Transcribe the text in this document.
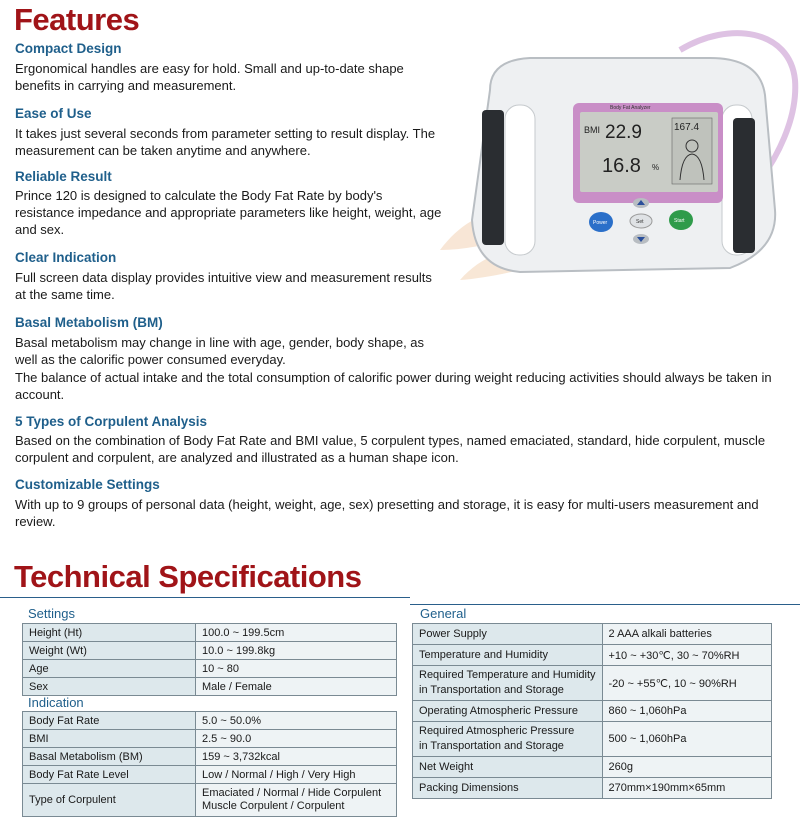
Features
Compact Design
Ergonomical handles are easy for hold. Small and up-to-date shape benefits in carrying and measurement.
Ease of Use
It takes just several seconds from parameter setting to result display. The measurement can be taken anytime and anywhere.
Reliable Result
Prince 120 is designed to calculate the Body Fat Rate by body's resistance impedance and appropriate parameters like height, weight, age and sex.
Clear Indication
Full screen data display provides intuitive view and measurement results at the same time.
Basal Metabolism (BM)
Basal metabolism may change in line with age, gender, body shape, as well as the calorific power consumed everyday.
The balance of actual intake and the total consumption of calorific power during weight reducing activities should always be taken in account.
5 Types of Corpulent Analysis
Based on the combination of Body Fat Rate and BMI value, 5 corpulent types, named emaciated, standard, hide corpulent, muscle corpulent and corpulent, are analyzed and illustrated as a human shape icon.
Customizable Settings
With up to 9 groups of personal data (height, weight, age, sex) presetting and storage, it is easy for multi-users measurement and review.
Body Fat Analyzer
BMI 22.9	167.4
16.8 %
Power	Start
Set
Technical Specifications
Settings
Height (Ht)	100.0 ~ 199.5cm
Weight (Wt)	10.0 ~ 199.8kg
Age	10 ~ 80
Sex	Male / Female
Indication
Body Fat Rate	5.0 ~ 50.0%
BMI	2.5 ~ 90.0
Basal Metabolism (BM)	159 ~ 3,732kcal
Body Fat Rate Level	Low / Normal / High / Very High
Type of Corpulent	Emaciated / Normal / Hide Corpulent
Muscle Corpulent / Corpulent
General
Power Supply	2 AAA alkali batteries
Temperature and Humidity	+10 ~ +30℃, 30 ~ 70%RH

Required Temperature and Humidity
in Transportation and Storage	-20 ~ +55℃, 10 ~ 90%RH
Operating Atmospheric Pressure	860 ~ 1,060hPa

Required Atmospheric Pressure
in Transportation and Storage	500 ~ 1,060hPa
Net Weight	260g
Packing Dimensions	270mm×190mm×65mm
